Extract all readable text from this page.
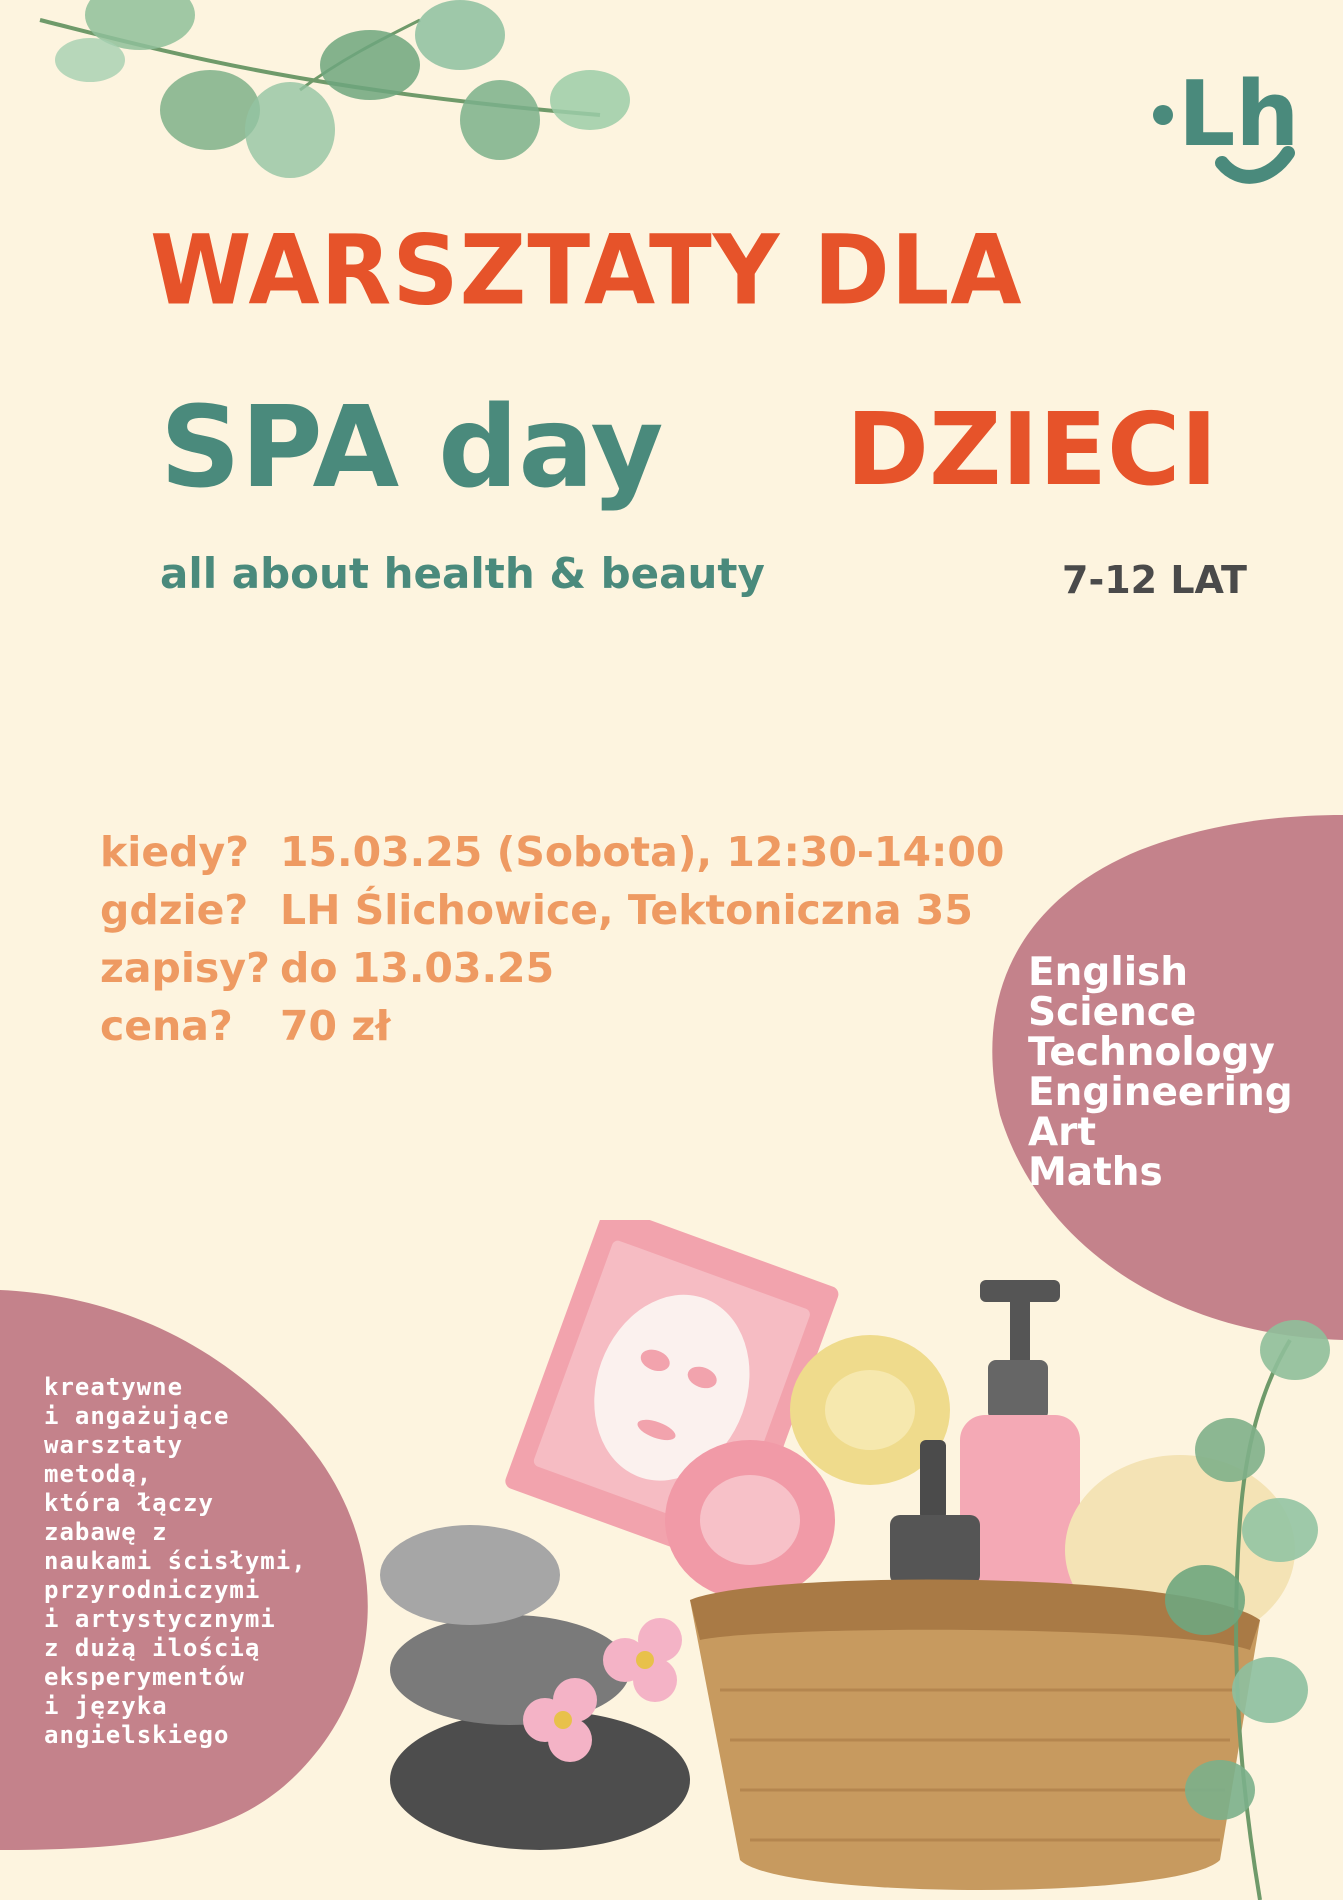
Lh
WARSZTATY DLA
SPA day DZIECI
all about health & beauty	7-12 LAT
kiedy? 15.03.25 (Sobota), 12:30-14:00
gdzie? LH Ślichowice, Tektoniczna 35
zapisy? do 13.03.25
cena? 70 zł
English
Science
Technology
Engineering
Art
Maths
kreatywne
i angażujące
warsztaty
metodą,
która łączy
zabawę z
naukami ścisłymi,
przyrodniczymi
i artystycznymi
z dużą ilością
eksperymentów
i języka
angielskiego
